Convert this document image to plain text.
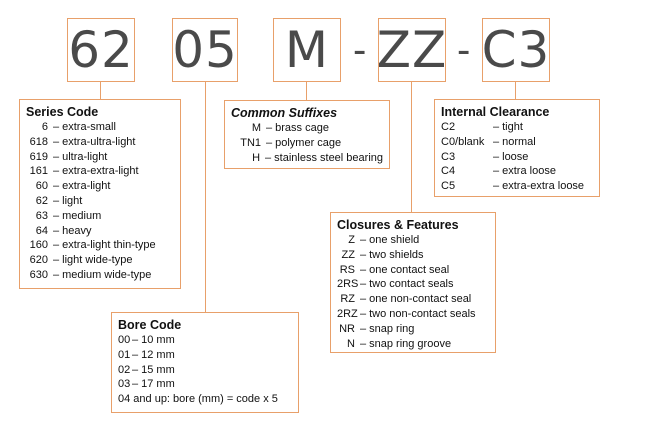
62 05 M - ZZ - C3
Series Code
6 – extra-small
618 – extra-ultra-light
619 – ultra-light
161 – extra-extra-light
60 – extra-light
62 – light
63 – medium
64 – heavy
160 – extra-light thin-type
620 – light wide-type
630 – medium wide-type
Bore Code
00 – 10 mm
01 – 12 mm
02 – 15 mm
03 – 17 mm
04 and up: bore (mm) = code x 5
Common Suffixes
M – brass cage
TN1 – polymer cage
H – stainless steel bearing
Closures & Features
Z – one shield
ZZ – two shields
RS – one contact seal
2RS – two contact seals
RZ – one non-contact seal
2RZ – two non-contact seals
NR – snap ring
N – snap ring groove
Internal Clearance
C2	– tight
C0/blank – normal
C3	– loose
C4	– extra loose
C5	– extra-extra loose
